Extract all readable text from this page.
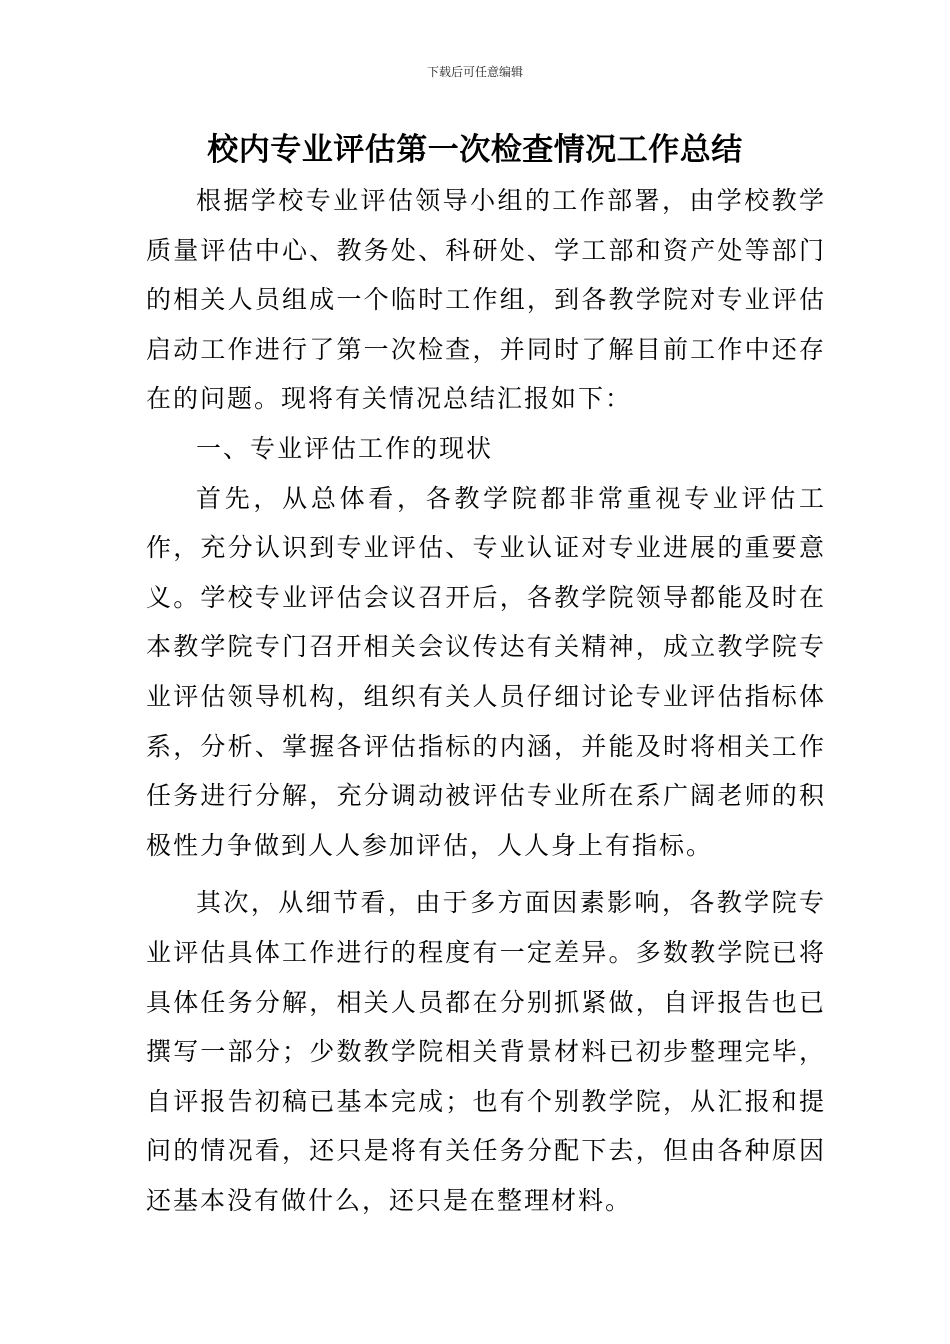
下载后可任意编辑
校内专业评估第一次检查情况工作总结

根据学校专业评估领导小组的工作部署，由学校教学质量评估中心、教务处、科研处、学工部和资产处等部门的相关人员组成一个临时工作组，到各教学院对专业评估启动工作进行了第一次检查，并同时了解目前工作中还存在的问题。现将有关情况总结汇报如下：

一、专业评估工作的现状

首先，从总体看，各教学院都非常重视专业评估工作，充分认识到专业评估、专业认证对专业进展的重要意义。学校专业评估会议召开后，各教学院领导都能及时在本教学院专门召开相关会议传达有关精神，成立教学院专业评估领导机构，组织有关人员仔细讨论专业评估指标体系，分析、掌握各评估指标的内涵，并能及时将相关工作任务进行分解，充分调动被评估专业所在系广阔老师的积极性力争做到人人参加评估，人人身上有指标。

其次，从细节看，由于多方面因素影响，各教学院专业评估具体工作进行的程度有一定差异。多数教学院已将具体任务分解，相关人员都在分别抓紧做，自评报告也已撰写一部分；少数教学院相关背景材料已初步整理完毕，自评报告初稿已基本完成；也有个别教学院，从汇报和提问的情况看，还只是将有关任务分配下去，但由各种原因还基本没有做什么，还只是在整理材料。
